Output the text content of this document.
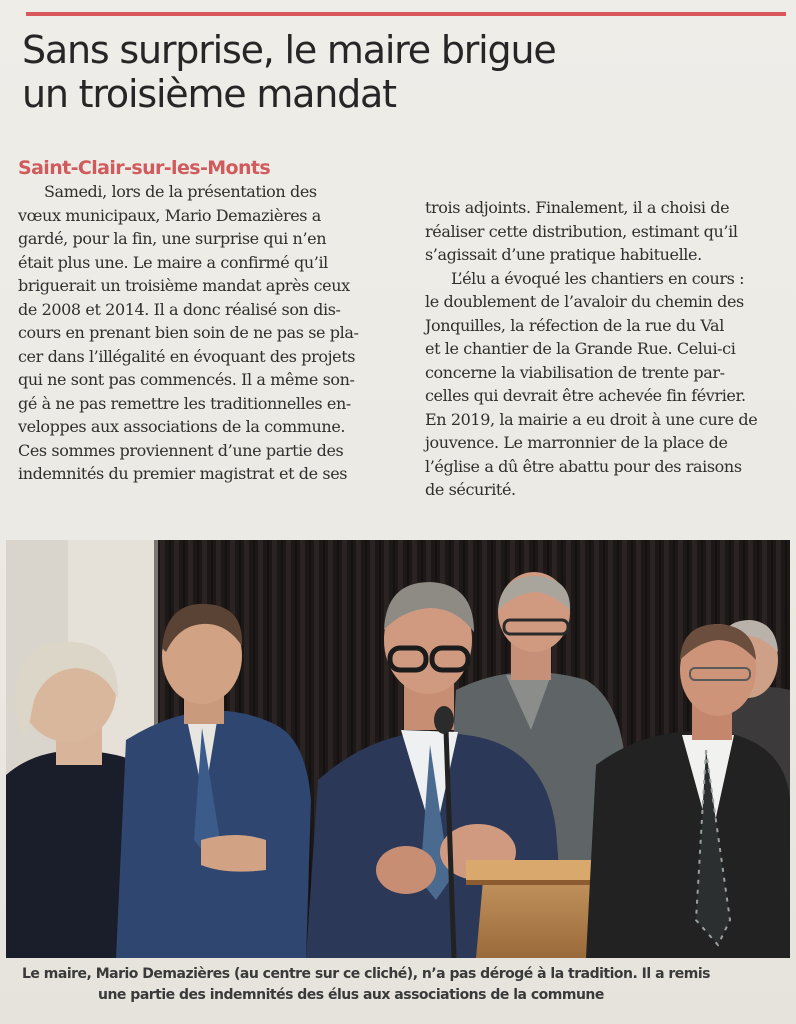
Sans surprise, le maire brigue
un troisième mandat
Saint-Clair-sur-les-Monts
Samedi, lors de la présentation des
vœux municipaux, Mario Demazières a
gardé, pour la fin, une surprise qui n’en
était plus une. Le maire a confirmé qu’il
briguerait un troisième mandat après ceux
de 2008 et 2014. Il a donc réalisé son dis-
cours en prenant bien soin de ne pas se pla-
cer dans l’illégalité en évoquant des projets
qui ne sont pas commencés. Il a même son-
gé à ne pas remettre les traditionnelles en-
veloppes aux associations de la commune.
Ces sommes proviennent d’une partie des
indemnités du premier magistrat et de ses
trois adjoints. Finalement, il a choisi de
réaliser cette distribution, estimant qu’il
s’agissait d’une pratique habituelle.
L’élu a évoqué les chantiers en cours :
le doublement de l’avaloir du chemin des
Jonquilles, la réfection de la rue du Val
et le chantier de la Grande Rue. Celui-ci
concerne la viabilisation de trente par-
celles qui devrait être achevée fin février.
En 2019, la mairie a eu droit à une cure de
jouvence. Le marronnier de la place de
l’église a dû être abattu pour des raisons
de sécurité.
Le maire, Mario Demazières (au centre sur ce cliché), n’a pas dérogé à la tradition. Il a remis
une partie des indemnités des élus aux associations de la commune
